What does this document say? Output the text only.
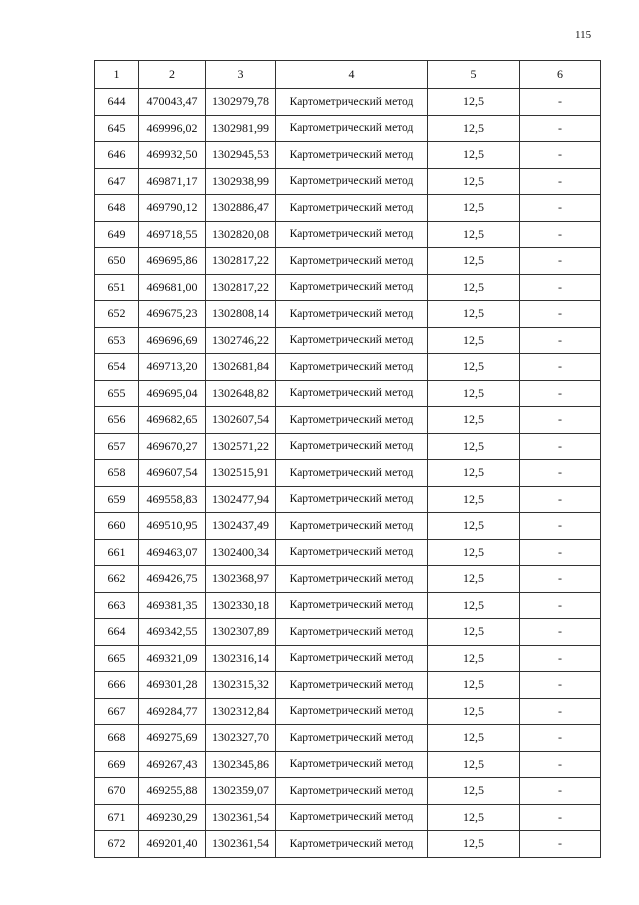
115
1	2	3	4	5	6
644	470043,47	1302979,78	Картометрический метод	12,5	-
645	469996,02	1302981,99	Картометрический метод	12,5	-
646	469932,50	1302945,53	Картометрический метод	12,5	-
647	469871,17	1302938,99	Картометрический метод	12,5	-
648	469790,12	1302886,47	Картометрический метод	12,5	-
649	469718,55	1302820,08	Картометрический метод	12,5	-
650	469695,86	1302817,22	Картометрический метод	12,5	-
651	469681,00	1302817,22	Картометрический метод	12,5	-
652	469675,23	1302808,14	Картометрический метод	12,5	-
653	469696,69	1302746,22	Картометрический метод	12,5	-
654	469713,20	1302681,84	Картометрический метод	12,5	-
655	469695,04	1302648,82	Картометрический метод	12,5	-
656	469682,65	1302607,54	Картометрический метод	12,5	-
657	469670,27	1302571,22	Картометрический метод	12,5	-
658	469607,54	1302515,91	Картометрический метод	12,5	-
659	469558,83	1302477,94	Картометрический метод	12,5	-
660	469510,95	1302437,49	Картометрический метод	12,5	-
661	469463,07	1302400,34	Картометрический метод	12,5	-
662	469426,75	1302368,97	Картометрический метод	12,5	-
663	469381,35	1302330,18	Картометрический метод	12,5	-
664	469342,55	1302307,89	Картометрический метод	12,5	-
665	469321,09	1302316,14	Картометрический метод	12,5	-
666	469301,28	1302315,32	Картометрический метод	12,5	-
667	469284,77	1302312,84	Картометрический метод	12,5	-
668	469275,69	1302327,70	Картометрический метод	12,5	-
669	469267,43	1302345,86	Картометрический метод	12,5	-
670	469255,88	1302359,07	Картометрический метод	12,5	-
671	469230,29	1302361,54	Картометрический метод	12,5	-
672	469201,40	1302361,54	Картометрический метод	12,5	-
